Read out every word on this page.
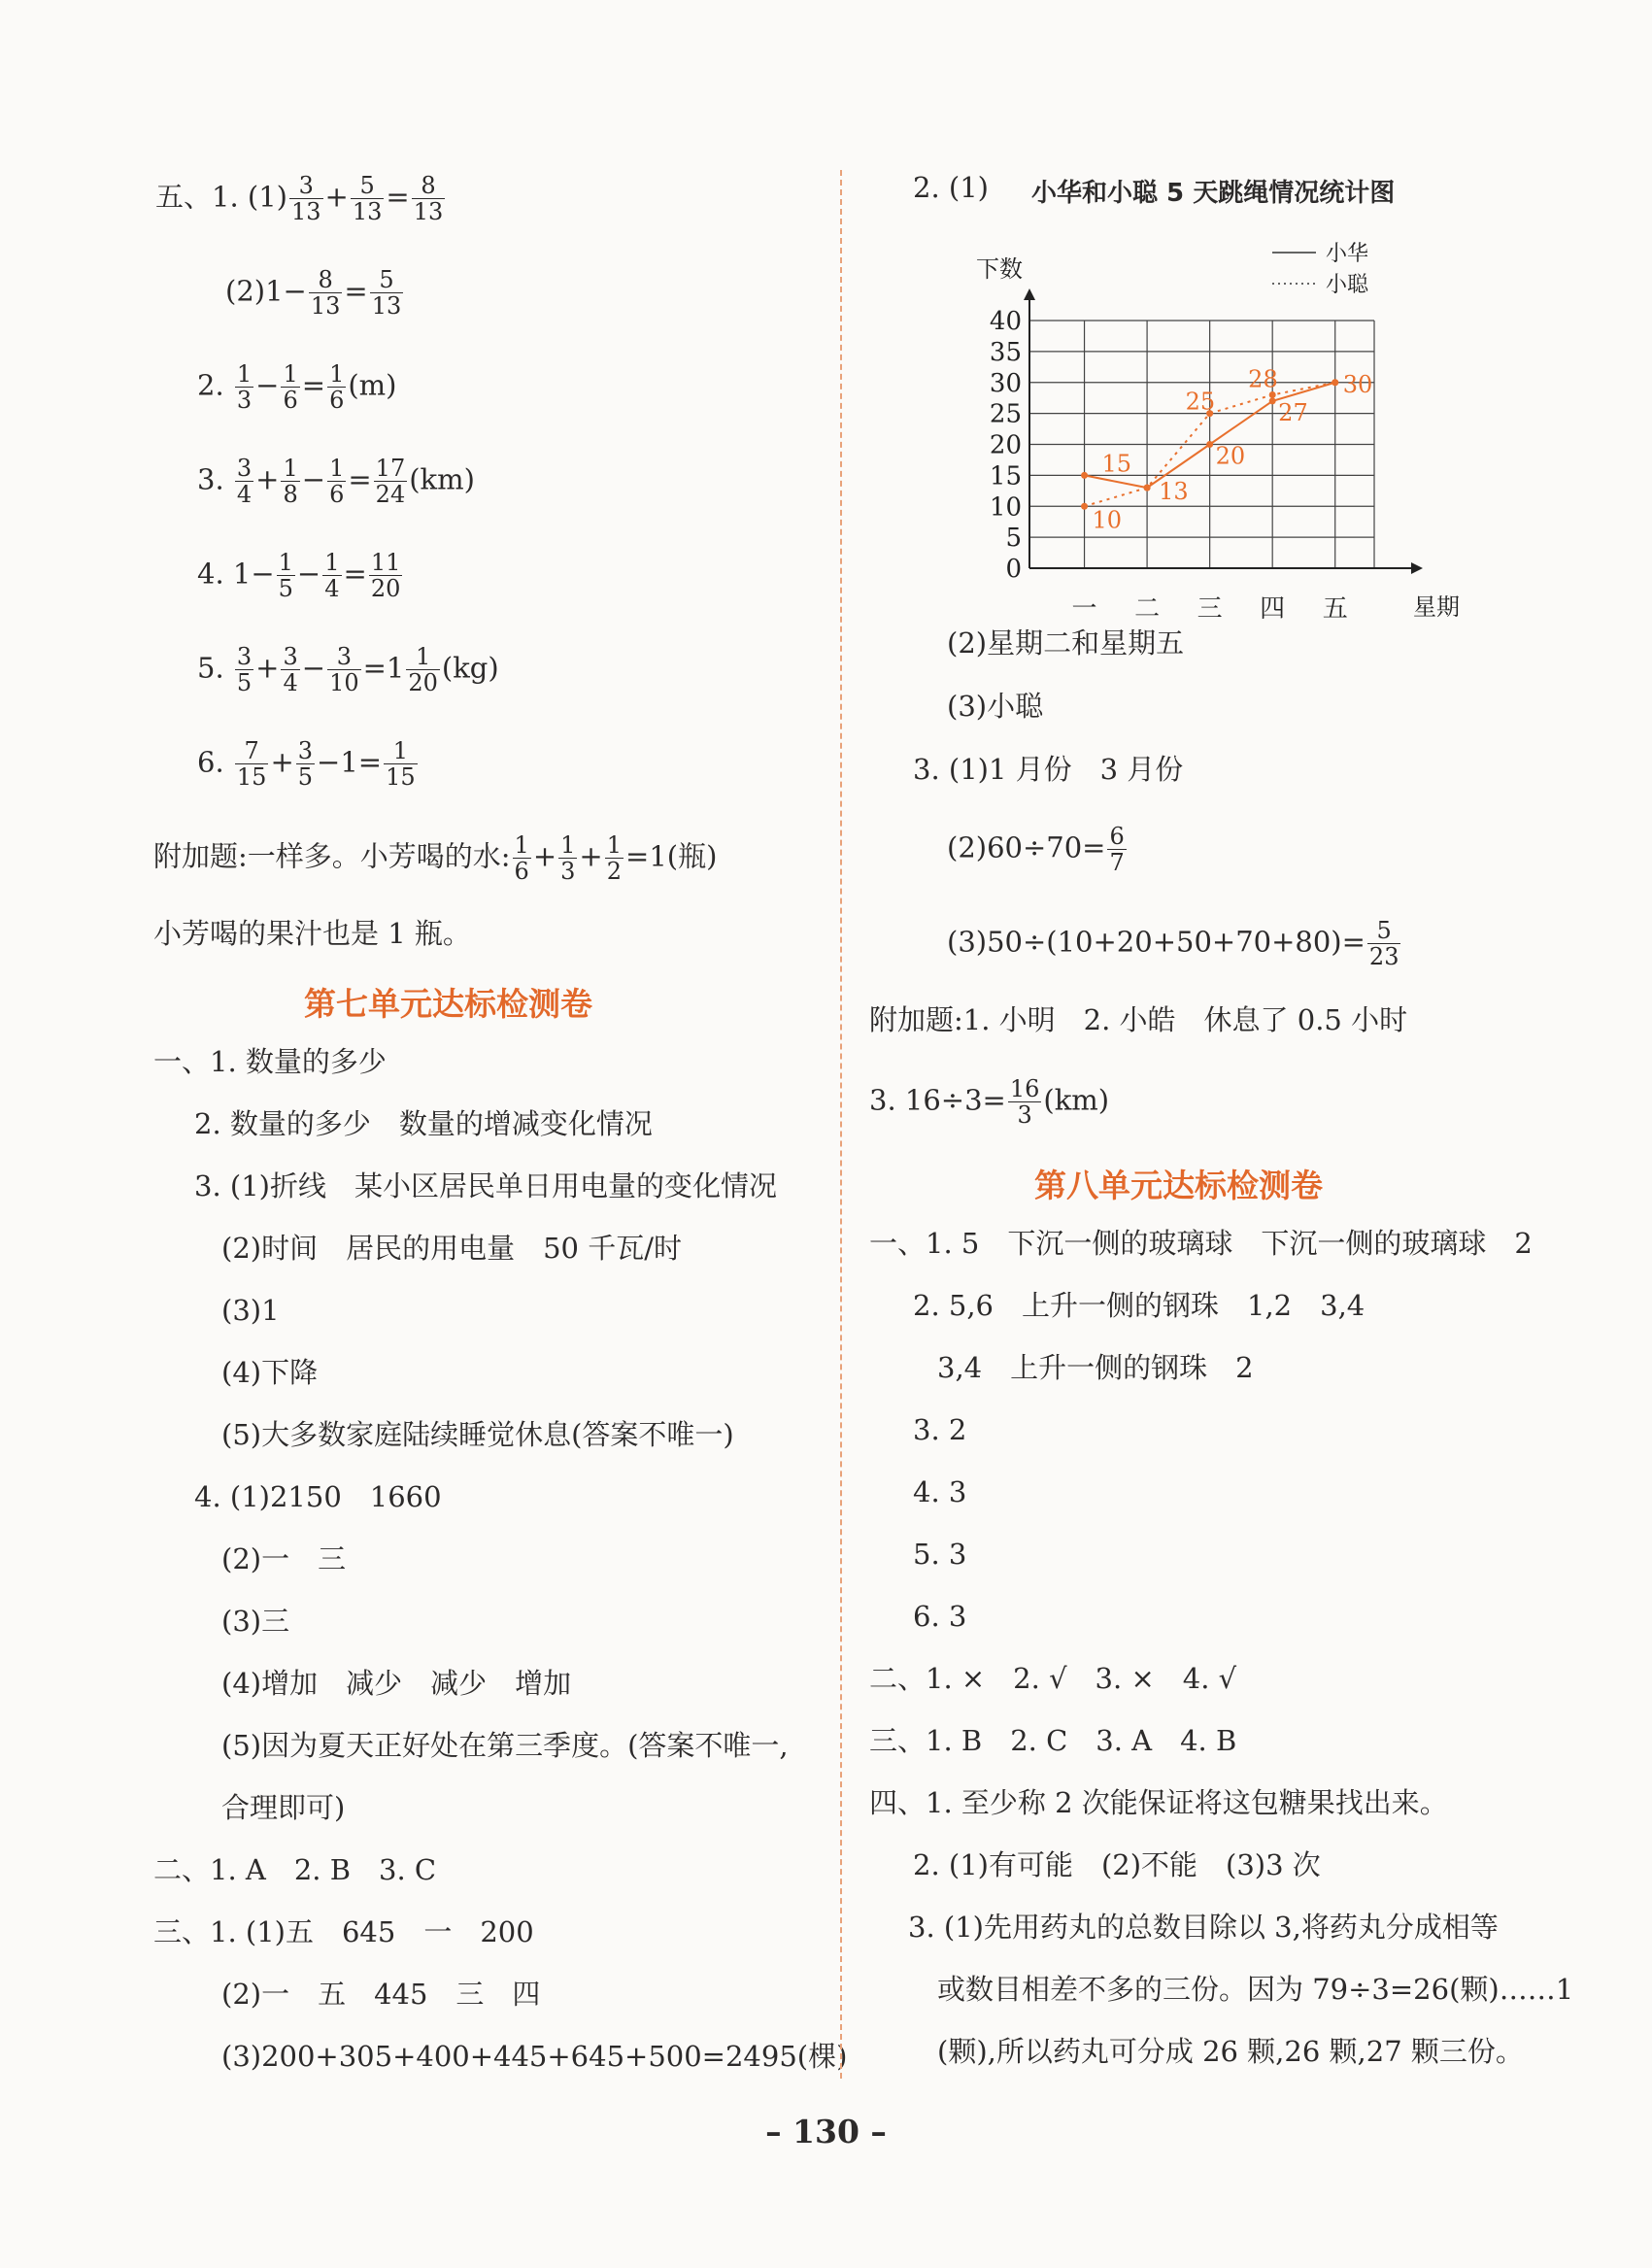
五、1. $(1) \frac{3}{13} + \frac{5}{13} = \frac{8}{13}$
$(2)1- \frac{8}{13} = \frac{5}{13}$
2. $\frac{1}{3} - \frac{1}{6} = \frac{1}{6} (m)$
3. $\frac{3}{4} + \frac{1}{8} - \frac{1}{6} = \frac{17}{24} (km)$
4. $1- \frac{1}{5} - \frac{1}{4} = \frac{11}{20}$
5. $\frac{3}{5} + \frac{3}{4} - \frac{3}{10} =1 \frac{1}{20} (kg)$
6. $\frac{7}{15} + \frac{3}{5} -1= \frac{1}{15}$
附加题:一样多。小芳喝的水: $\frac{1}{6} + \frac{1}{3} + \frac{1}{2} =1$(瓶)
小芳喝的果汁也是 1 瓶。
第七单元达标检测卷
一、1. 数量的多少
2. 数量的多少　数量的增减变化情况
3. (1)折线　某小区居民单日用电量的变化情况
(2)时间　居民的用电量　50 千瓦/时
(3)1
(4)下降
(5)大多数家庭陆续睡觉休息(答案不唯一)
4. (1)2150　1660
(2)一　三
(3)三
(4)增加　减少　减少　增加
(5)因为夏天正好处在第三季度。(答案不唯一,
合理即可)
二、1. A　2. B　3. C
三、1. (1)五　645　一　200
(2)一　五　445　三　四
(3)200+305+400+445+645+500=2495(棵)
2. (1) 小华和小聪 5 天跳绳情况统计图
0
5
10
15
20
25
30
35
40
下数
星期
一 二 三 四 五
小华
小聪
15
13
20
27
30
10
25
28
(2)星期二和星期五
(3)小聪
3. (1)1 月份　3 月份
$(2)60\div 70= \frac{6}{7}$
$(3)50\div(10+20+50+70+80)= \frac{5}{23}$
附加题:1. 小明　2. 小皓　休息了 0.5 小时
3. $16\div 3= \frac{16}{3} (km)$
第八单元达标检测卷
一、1. 5　下沉一侧的玻璃球　下沉一侧的玻璃球　2
2. 5,6　上升一侧的钢珠　1,2　3,4
3,4　上升一侧的钢珠　2
3. 2
4. 3
5. 3
6. 3
二、1. ×　2. √　3. ×　4. √
三、1. B　2. C　3. A　4. B
四、1. 至少称 2 次能保证将这包糖果找出来。
2. (1)有可能　(2)不能　(3)3 次
3. (1)先用药丸的总数目除以 3,将药丸分成相等
或数目相差不多的三份。因为 79÷3=26(颗)……1
(颗),所以药丸可分成 26 颗,26 颗,27 颗三份。
– 130 –
